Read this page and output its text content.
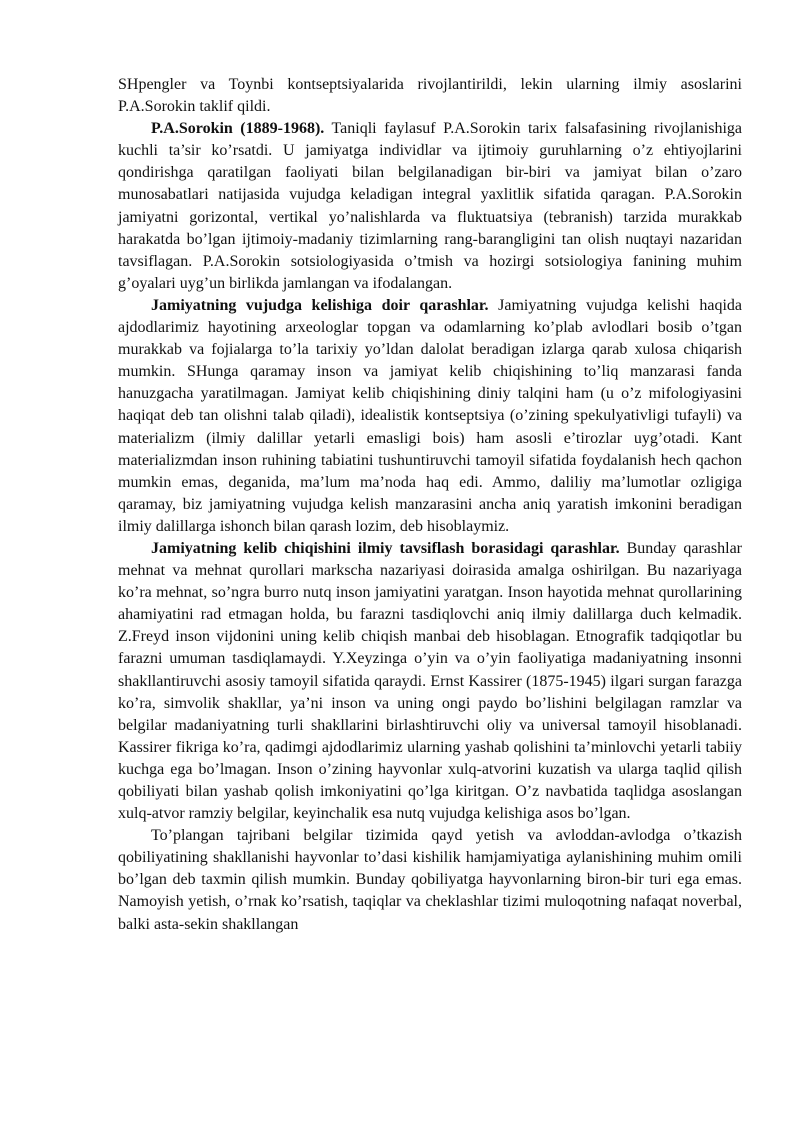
SHpengler va Toynbi kontseptsiyalarida rivojlantirildi, lekin ularning ilmiy asoslarini P.A.Sorokin taklif qildi.

P.A.Sorokin (1889-1968). Taniqli faylasuf P.A.Sorokin tarix falsafasining rivojlanishiga kuchli ta’sir ko’rsatdi. U jamiyatga individlar va ijtimoiy guruhlarning o’z ehtiyojlarini qondirishga qaratilgan faoliyati bilan belgilanadigan bir-biri va jamiyat bilan o’zaro munosabatlari natijasida vujudga keladigan integral yaxlitlik sifatida qaragan. P.A.Sorokin jamiyatni gorizontal, vertikal yo’nalishlarda va fluktuatsiya (tebranish) tarzida murakkab harakatda bo’lgan ijtimoiy-madaniy tizimlarning rang-barangligini tan olish nuqtayi nazaridan tavsiflagan. P.A.Sorokin sotsiologiyasida o’tmish va hozirgi sotsiologiya fanining muhim g’oyalari uyg’un birlikda jamlangan va ifodalangan.

Jamiyatning vujudga kelishiga doir qarashlar. Jamiyatning vujudga kelishi haqida ajdodlarimiz hayotining arxeologlar topgan va odamlarning ko’plab avlodlari bosib o’tgan murakkab va fojialarga to’la tarixiy yo’ldan dalolat beradigan izlarga qarab xulosa chiqarish mumkin. SHunga qaramay inson va jamiyat kelib chiqishining to’liq manzarasi fanda hanuzgacha yaratilmagan. Jamiyat kelib chiqishining diniy talqini ham (u o’z mifologiyasini haqiqat deb tan olishni talab qiladi), idealistik kontseptsiya (o’zining spekulyativligi tufayli) va materializm (ilmiy dalillar yetarli emasligi bois) ham asosli e’tirozlar uyg’otadi. Kant materializmdan inson ruhining tabiatini tushuntiruvchi tamoyil sifatida foydalanish hech qachon mumkin emas, deganida, ma’lum ma’noda haq edi. Ammo, daliliy ma’lumotlar ozligiga qaramay, biz jamiyatning vujudga kelish manzarasini ancha aniq yaratish imkonini beradigan ilmiy dalillarga ishonch bilan qarash lozim, deb hisoblaymiz.

Jamiyatning kelib chiqishini ilmiy tavsiflash borasidagi qarashlar. Bunday qarashlar mehnat va mehnat qurollari markscha nazariyasi doirasida amalga oshirilgan. Bu nazariyaga ko’ra mehnat, so’ngra burro nutq inson jamiyatini yaratgan. Inson hayotida mehnat qurollarining ahamiyatini rad etmagan holda, bu farazni tasdiqlovchi aniq ilmiy dalillarga duch kelmadik. Z.Freyd inson vijdonini uning kelib chiqish manbai deb hisoblagan. Etnografik tadqiqotlar bu farazni umuman tasdiqlamaydi. Y.Xeyzinga o’yin va o’yin faoliyatiga madaniyatning insonni shakllantiruvchi asosiy tamoyil sifatida qaraydi. Ernst Kassirer (1875-1945) ilgari surgan farazga ko’ra, simvolik shakllar, ya’ni inson va uning ongi paydo bo’lishini belgilagan ramzlar va belgilar madaniyatning turli shakllarini birlashtiruvchi oliy va universal tamoyil hisoblanadi. Kassirer fikriga ko’ra, qadimgi ajdodlarimiz ularning yashab qolishini ta’minlovchi yetarli tabiiy kuchga ega bo’lmagan. Inson o’zining hayvonlar xulq-atvorini kuzatish va ularga taqlid qilish qobiliyati bilan yashab qolish imkoniyatini qo’lga kiritgan. O’z navbatida taqlidga asoslangan xulq-atvor ramziy belgilar, keyinchalik esa nutq vujudga kelishiga asos bo’lgan.

To’plangan tajribani belgilar tizimida qayd yetish va avloddan-avlodga o’tkazish qobiliyatining shakllanishi hayvonlar to’dasi kishilik hamjamiyatiga aylanishining muhim omili bo’lgan deb taxmin qilish mumkin. Bunday qobiliyatga hayvonlarning biron-bir turi ega emas. Namoyish yetish, o’rnak ko’rsatish, taqiqlar va cheklashlar tizimi muloqotning nafaqat noverbal, balki asta-sekin shakllangan
